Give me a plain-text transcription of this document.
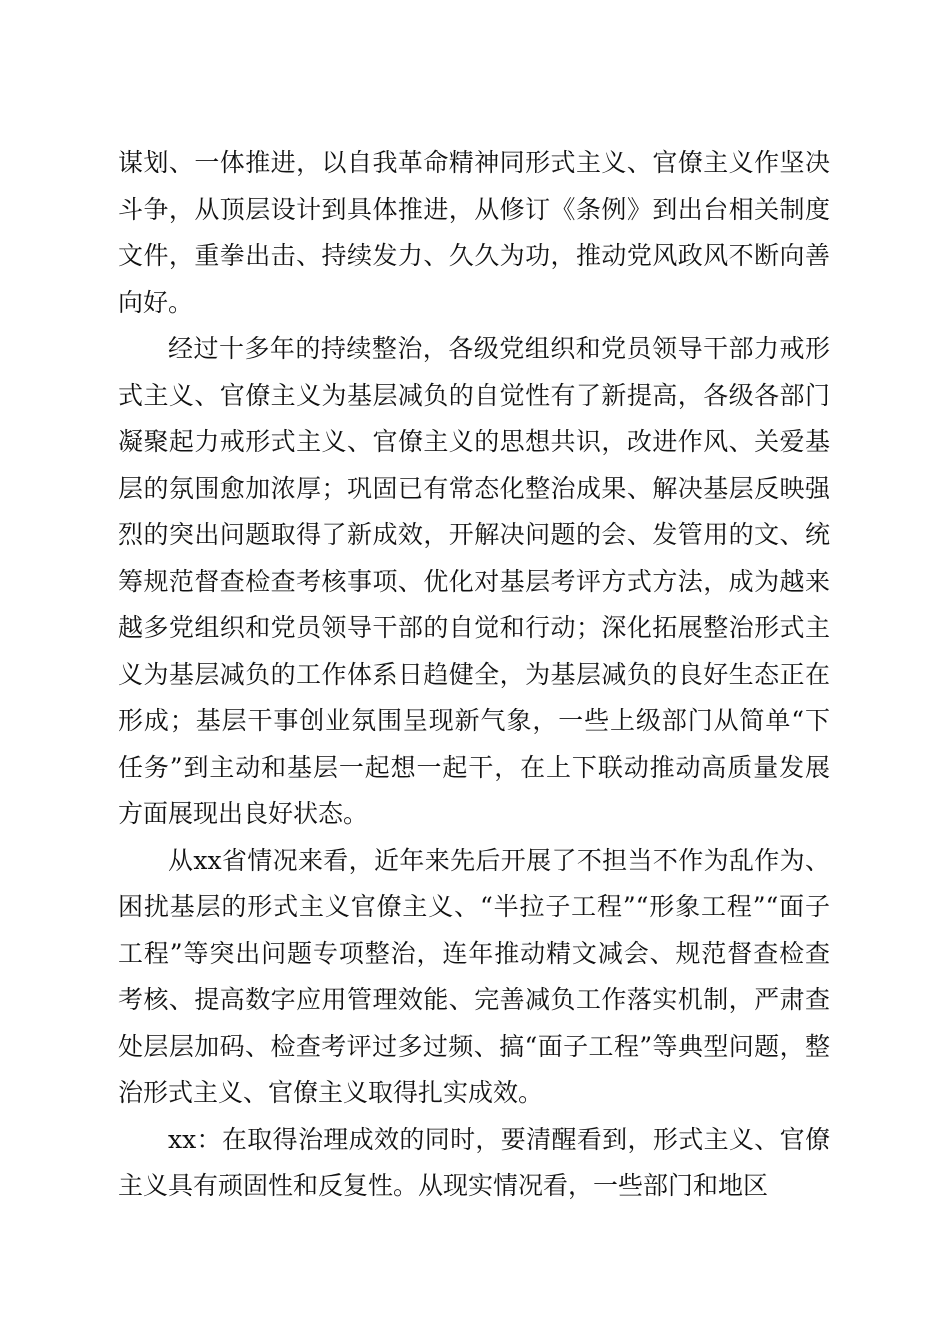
谋划、一体推进，以自我革命精神同形式主义、官僚主义作坚决斗争，从顶层设计到具体推进，从修订《条例》到出台相关制度文件，重拳出击、持续发力、久久为功，推动党风政风不断向善向好。

经过十多年的持续整治，各级党组织和党员领导干部力戒形式主义、官僚主义为基层减负的自觉性有了新提高，各级各部门凝聚起力戒形式主义、官僚主义的思想共识，改进作风、关爱基层的氛围愈加浓厚；巩固已有常态化整治成果、解决基层反映强烈的突出问题取得了新成效，开解决问题的会、发管用的文、统筹规范督查检查考核事项、优化对基层考评方式方法，成为越来越多党组织和党员领导干部的自觉和行动；深化拓展整治形式主义为基层减负的工作体系日趋健全，为基层减负的良好生态正在形成；基层干事创业氛围呈现新气象，一些上级部门从简单“下任务”到主动和基层一起想一起干，在上下联动推动高质量发展方面展现出良好状态。

从xx省情况来看，近年来先后开展了不担当不作为乱作为、困扰基层的形式主义官僚主义、“半拉子工程”“形象工程”“面子工程”等突出问题专项整治，连年推动精文减会、规范督查检查考核、提高数字应用管理效能、完善减负工作落实机制，严肃查处层层加码、检查考评过多过频、搞“面子工程”等典型问题，整治形式主义、官僚主义取得扎实成效。

xx：在取得治理成效的同时，要清醒看到，形式主义、官僚主义具有顽固性和反复性。从现实情况看，一些部门和地区
